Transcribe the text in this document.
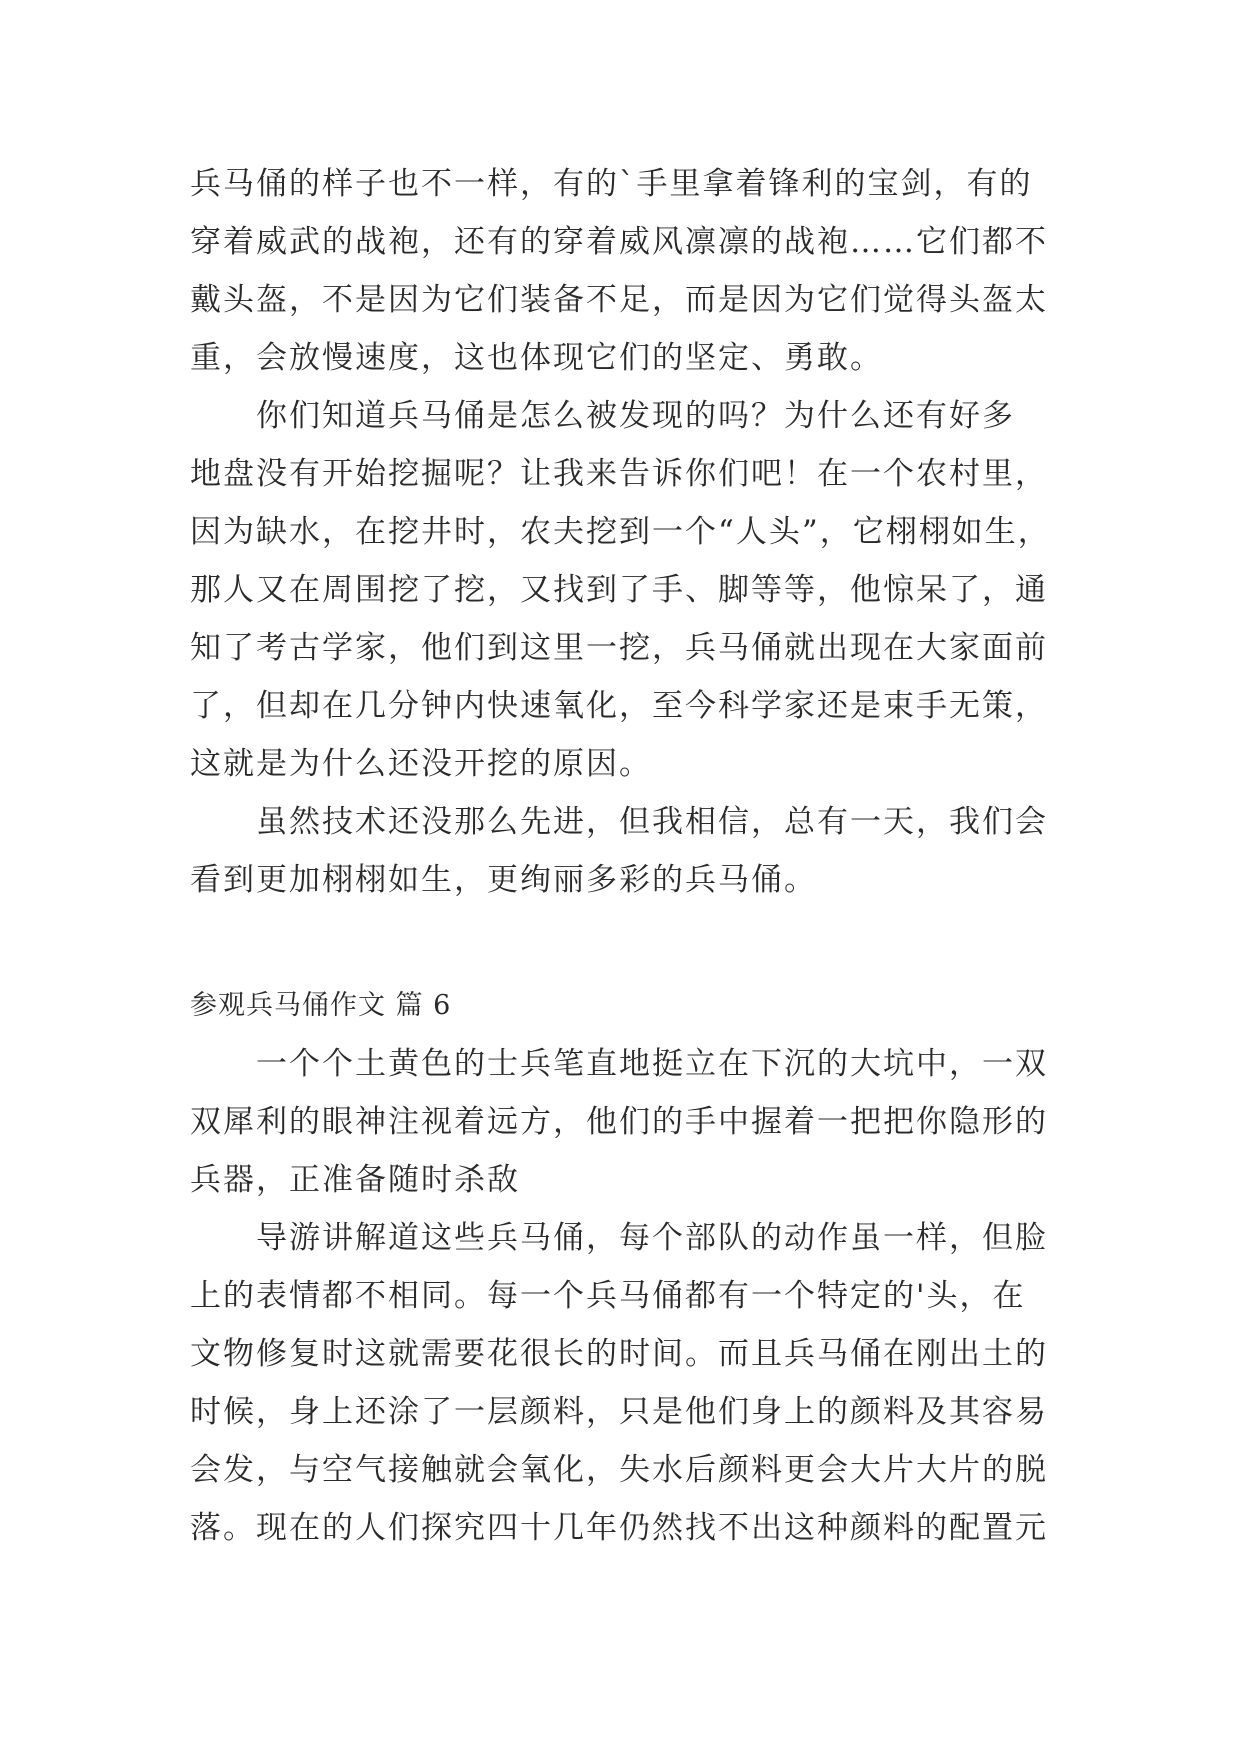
兵马俑的样子也不一样，有的`手里拿着锋利的宝剑，有的
穿着威武的战袍，还有的穿着威风凛凛的战袍……它们都不
戴头盔，不是因为它们装备不足，而是因为它们觉得头盔太
重，会放慢速度，这也体现它们的坚定、勇敢。
你们知道兵马俑是怎么被发现的吗？为什么还有好多
地盘没有开始挖掘呢？让我来告诉你们吧！在一个农村里，
因为缺水，在挖井时，农夫挖到一个“人头”，它栩栩如生，
那人又在周围挖了挖，又找到了手、脚等等，他惊呆了，通
知了考古学家，他们到这里一挖，兵马俑就出现在大家面前
了，但却在几分钟内快速氧化，至今科学家还是束手无策，
这就是为什么还没开挖的原因。
虽然技术还没那么先进，但我相信，总有一天，我们会
看到更加栩栩如生，更绚丽多彩的兵马俑。
参观兵马俑作文 篇 6
一个个土黄色的士兵笔直地挺立在下沉的大坑中，一双
双犀利的眼神注视着远方，他们的手中握着一把把你隐形的
兵器，正准备随时杀敌
导游讲解道这些兵马俑，每个部队的动作虽一样，但脸
上的表情都不相同。每一个兵马俑都有一个特定的'头，在
文物修复时这就需要花很长的时间。而且兵马俑在刚出土的
时候，身上还涂了一层颜料，只是他们身上的颜料及其容易
会发，与空气接触就会氧化，失水后颜料更会大片大片的脱
落。现在的人们探究四十几年仍然找不出这种颜料的配置元
